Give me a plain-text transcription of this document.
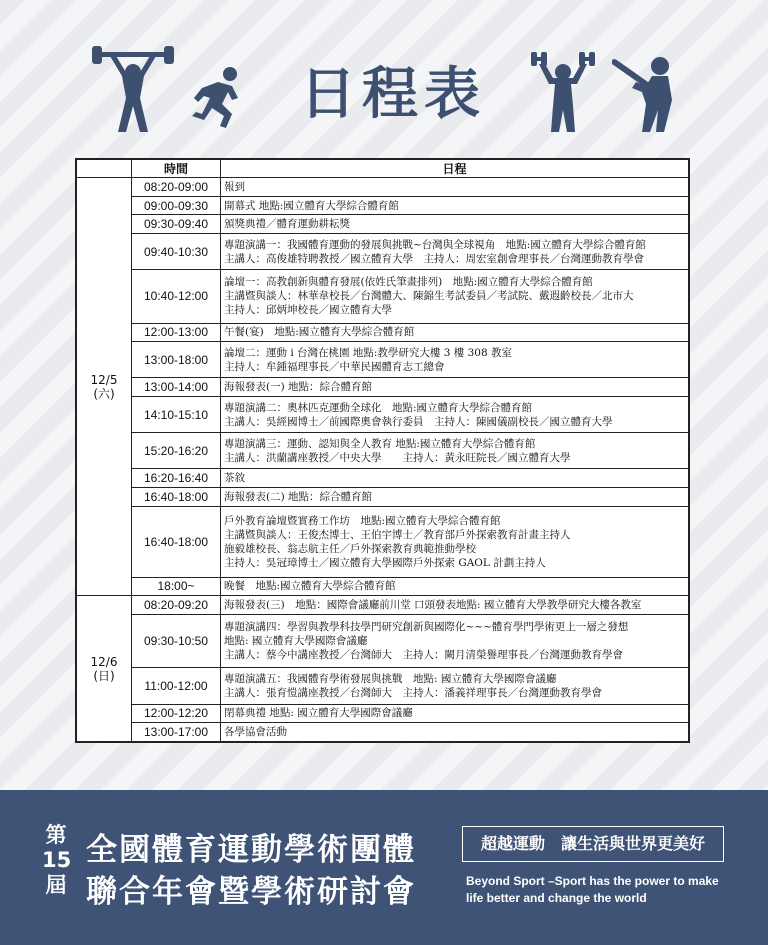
日程表
	時間	日程
12/5
(六)	08:20-09:00	報到

	09:00-09:30	開幕式 地點:國立體育大學綜合體育館

	09:30-09:40	頒獎典禮／體育運動耕耘獎

	09:40-10:30	專題演講一：我國體育運動的發展與挑戰~台灣與全球視角　地點:國立體育大學綜合體育館
主講人：高俊雄特聘教授／國立體育大學　主持人：周宏室創會理事長／台灣運動教育學會

	10:40-12:00	論壇一：高教創新與體育發展(依姓氏筆畫排列)　地點:國立體育大學綜合體育館
主講暨與談人：林華韋校長／台灣體大、陳錦生考試委員／考試院、戴遐齡校長／北市大
主持人：邱炳坤校長／國立體育大學

	12:00-13:00	午餐(宴)　地點:國立體育大學綜合體育館

	13:00-18:00	論壇二：運動 i 台灣在桃園 地點:教學研究大樓 3 樓 308 教室
主持人：牟鍾福理事長／中華民國體育志工總會

	13:00-14:00	海報發表(一) 地點：綜合體育館

	14:10-15:10	專題演講二：奧林匹克運動全球化　地點:國立體育大學綜合體育館
主講人：吳經國博士／前國際奧會執行委員　主持人：陳國儀副校長／國立體育大學

	15:20-16:20	專題演講三：運動、認知與全人教育 地點:國立體育大學綜合體育館
主講人：洪蘭講座教授／中央大學　　主持人：黃永旺院長／國立體育大學

	16:20-16:40	茶敘

	16:40-18:00	海報發表(二) 地點：綜合體育館

	16:40-18:00	戶外教育論壇暨實務工作坊　地點:國立體育大學綜合體育館
主講暨與談人：王俊杰博士、王伯宇博士／教育部戶外探索教育計畫主持人
施毅雄校長、翁志航主任／戶外探索教育典範推動學校
主持人：吳冠璋博士／國立體育大學國際戶外探索 GAOL 計劃主持人

	18:00~	晚餐　地點:國立體育大學綜合體育館

12/6
(日)	08:20-09:20	海報發表(三)　地點：國際會議廳前川堂 口頭發表地點: 國立體育大學教學研究大樓各教室

	09:30-10:50	專題演講四：學習與教學科技學門研究創新與國際化~~~體育學門學術更上一層之發想
地點: 國立體育大學國際會議廳
主講人：蔡今中講座教授／台灣師大　主持人：闕月清榮譽理事長／台灣運動教育學會

	11:00-12:00	專題演講五：我國體育學術發展與挑戰　地點: 國立體育大學國際會議廳
主講人：張育愷講座教授／台灣師大　主持人：潘義祥理事長／台灣運動教育學會

	12:00-12:20	閉幕典禮 地點: 國立體育大學國際會議廳

	13:00-17:00	各學協會活動
第
15
屆
全國體育運動學術團體
聯合年會暨學術研討會
超越運動　讓生活與世界更美好
Beyond Sport –Sport has the power to make
life better and change the world
